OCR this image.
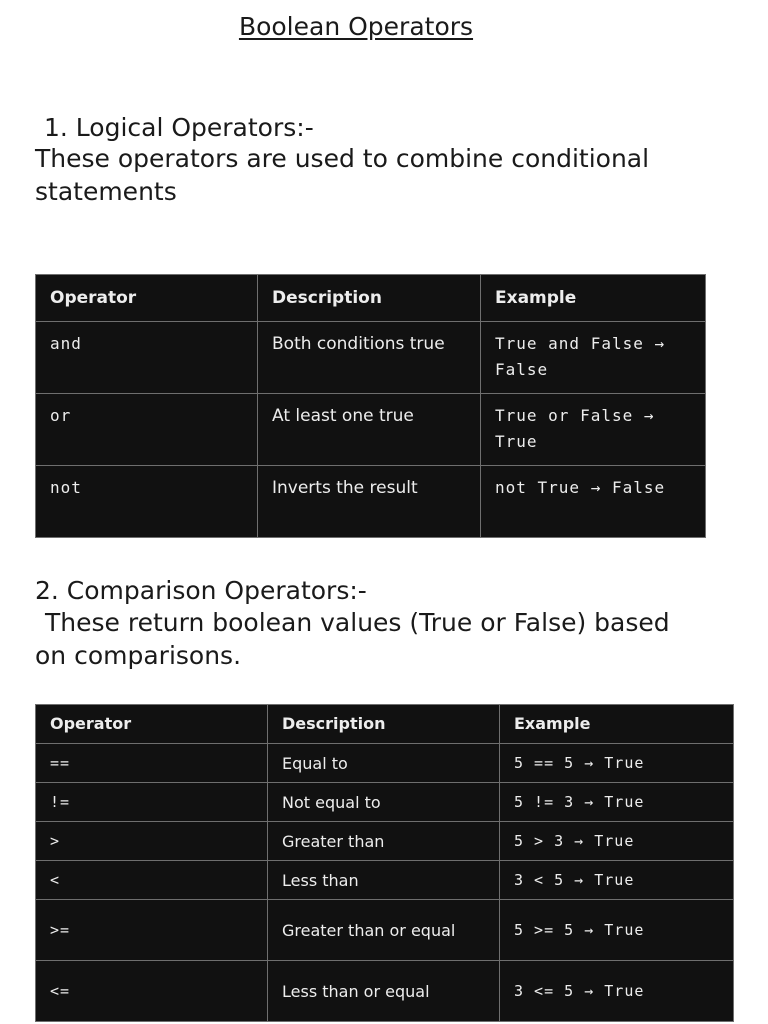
Boolean Operators
1. Logical Operators:-
These operators are used to combine conditional statements
Operator	Description	Example
and	Both conditions true	True and False → False
or	At least one true	True or False → True
not	Inverts the result	not True → False
2. Comparison Operators:-
These return boolean values (True or False) based on comparisons.
Operator	Description	Example
==	Equal to	5 == 5 → True
!=	Not equal to	5 != 3 → True
>	Greater than	5 > 3 → True
<	Less than	3 < 5 → True
>=	Greater than or equal	5 >= 5 → True
<=	Less than or equal	3 <= 5 → True
